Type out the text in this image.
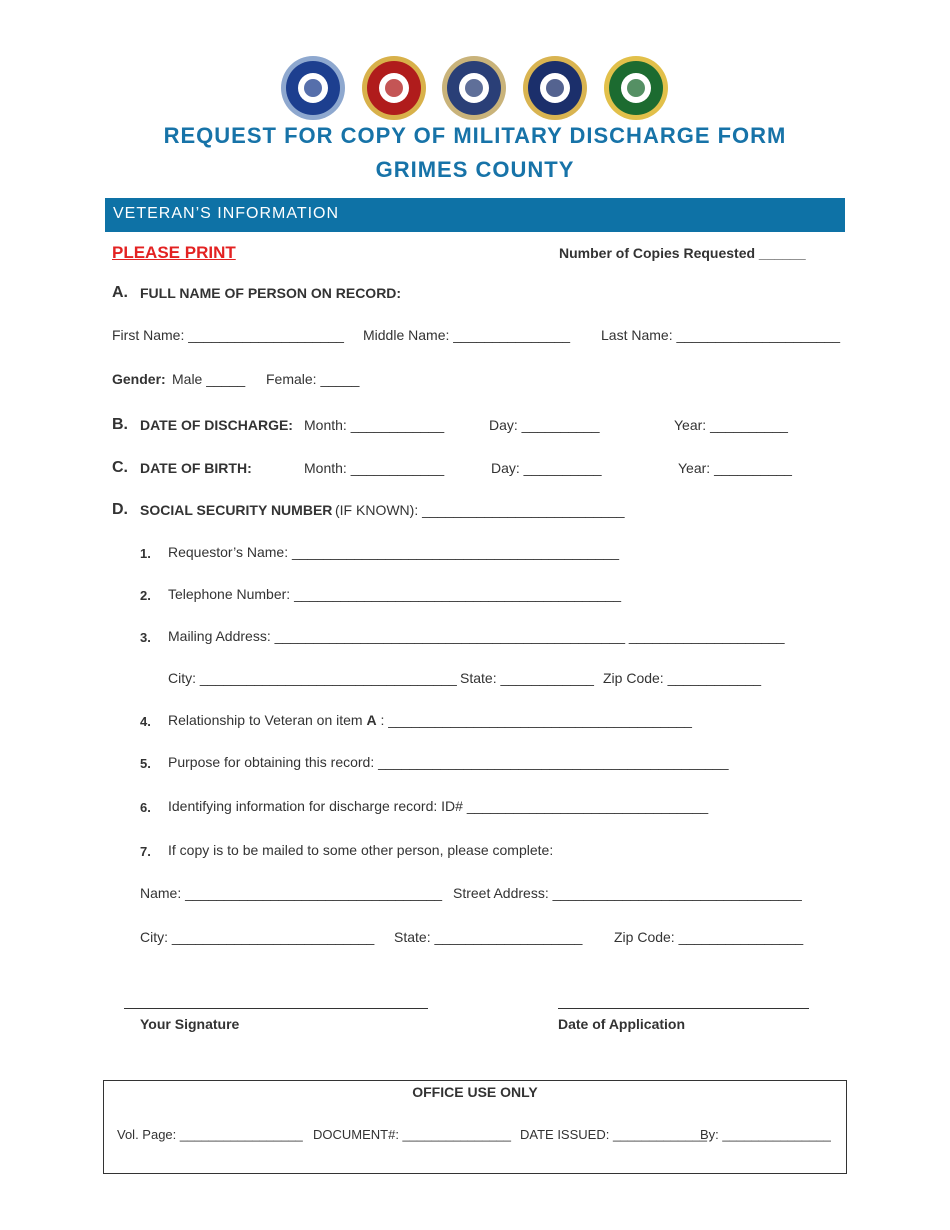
REQUEST FOR COPY OF MILITARY DISCHARGE FORM
GRIMES COUNTY
VETERAN’S INFORMATION
PLEASE PRINT	Number of Copies Requested ______
A. FULL NAME OF PERSON ON RECORD:
First Name: ____________________ Middle Name: _______________ Last Name: _____________________
Gender: Male _____ Female: _____
B. DATE OF DISCHARGE: Month: ____________	Day: __________	Year: __________
C. DATE OF BIRTH:	Month: ____________	Day: __________	Year: __________
D. SOCIAL SECURITY NUMBER (IF KNOWN): __________________________
1. Requestor’s Name: __________________________________________
2. Telephone Number: __________________________________________
3. Mailing Address: _____________________________________________ ____________________
City: _________________________________ State: ____________ Zip Code: ____________
4. Relationship to Veteran on item A : _______________________________________
5. Purpose for obtaining this record: _____________________________________________
6. Identifying information for discharge record: ID# _______________________________
7. If copy is to be mailed to some other person, please complete:
Name: _________________________________ Street Address: ________________________________
City: __________________________ State: ___________________ Zip Code: ________________
Your Signature	Date of Application
OFFICE USE ONLY
Vol. Page: _________________ DOCUMENT#: _______________ DATE ISSUED: _____________
By: _______________
